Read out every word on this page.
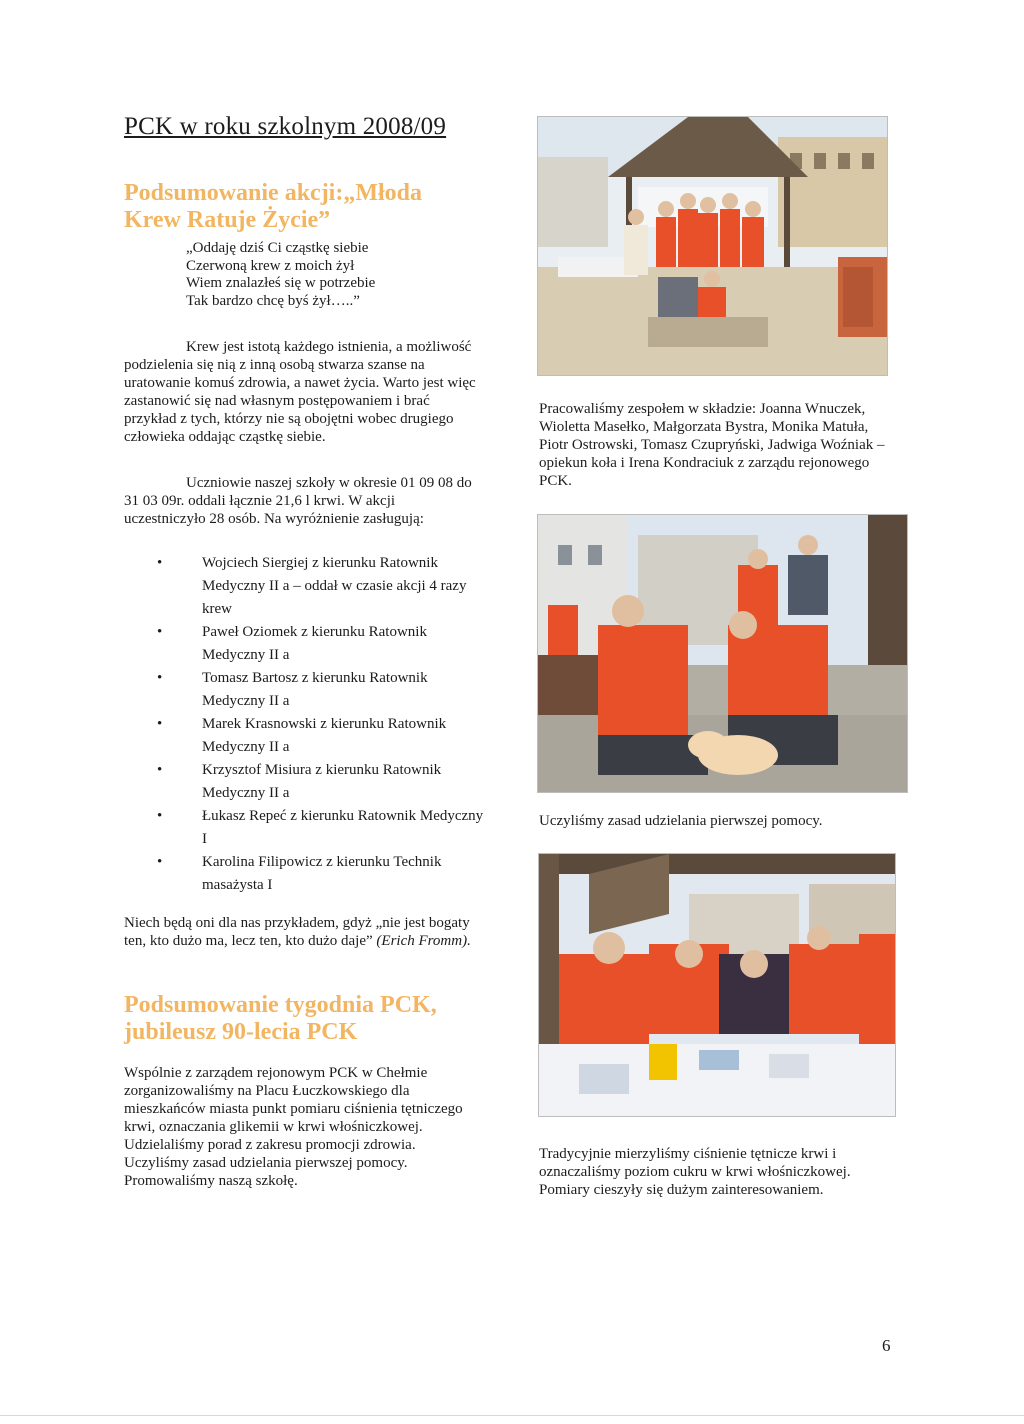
PCK w roku szkolnym 2008/09
Podsumowanie akcji:„Młoda Krew Ratuje Życie”
„Oddaję dziś Ci cząstkę siebie
Czerwoną krew z moich żył
Wiem znalazłeś się w potrzebie
Tak bardzo chcę byś żył…..”

Krew jest istotą każdego istnienia, a możliwość podzielenia się nią z inną osobą stwarza szanse na uratowanie komuś zdrowia, a nawet życia. Warto jest więc zastanowić się nad własnym postępowaniem i brać przykład z tych, którzy nie są obojętni wobec drugiego człowieka oddając cząstkę siebie.

Uczniowie naszej szkoły w okresie 01 09 08 do 31 03 09r. oddali łącznie 21,6 l krwi. W akcji uczestniczyło 28 osób. Na wyróżnienie zasługują:

•	Wojciech Siergiej z kierunku Ratownik Medyczny II a – oddał w czasie akcji 4 razy krew
•	Paweł Oziomek z kierunku Ratownik Medyczny II a
•	Tomasz Bartosz z kierunku Ratownik Medyczny II a
•	Marek Krasnowski z kierunku Ratownik Medyczny II a
•	Krzysztof Misiura z kierunku Ratownik Medyczny II a
•	Łukasz Repeć z kierunku Ratownik Medyczny I
•	Karolina Filipowicz z kierunku Technik masażysta I

Niech będą oni dla nas przykładem, gdyż „nie jest bogaty ten, kto dużo ma, lecz ten, kto dużo daje” (Erich Fromm).

Podsumowanie tygodnia PCK, jubileusz 90-lecia PCK

Wspólnie z zarządem rejonowym PCK w Chełmie zorganizowaliśmy na Placu Łuczkowskiego dla mieszkańców miasta punkt pomiaru ciśnienia tętniczego krwi, oznaczania glikemii w krwi włośniczkowej. Udzielaliśmy porad z zakresu promocji zdrowia. Uczyliśmy zasad udzielania pierwszej pomocy. Promowaliśmy naszą szkołę.

Pracowaliśmy zespołem w składzie: Joanna Wnuczek, Wioletta Masełko, Małgorzata Bystra, Monika Matuła, Piotr Ostrowski, Tomasz Czupryński, Jadwiga Woźniak – opiekun koła i Irena Kondraciuk z zarządu rejonowego PCK.

Uczyliśmy zasad udzielania pierwszej pomocy.

Tradycyjnie mierzyliśmy ciśnienie tętnicze krwi i oznaczaliśmy poziom cukru w krwi włośniczkowej. Pomiary cieszyły się dużym zainteresowaniem.

6
